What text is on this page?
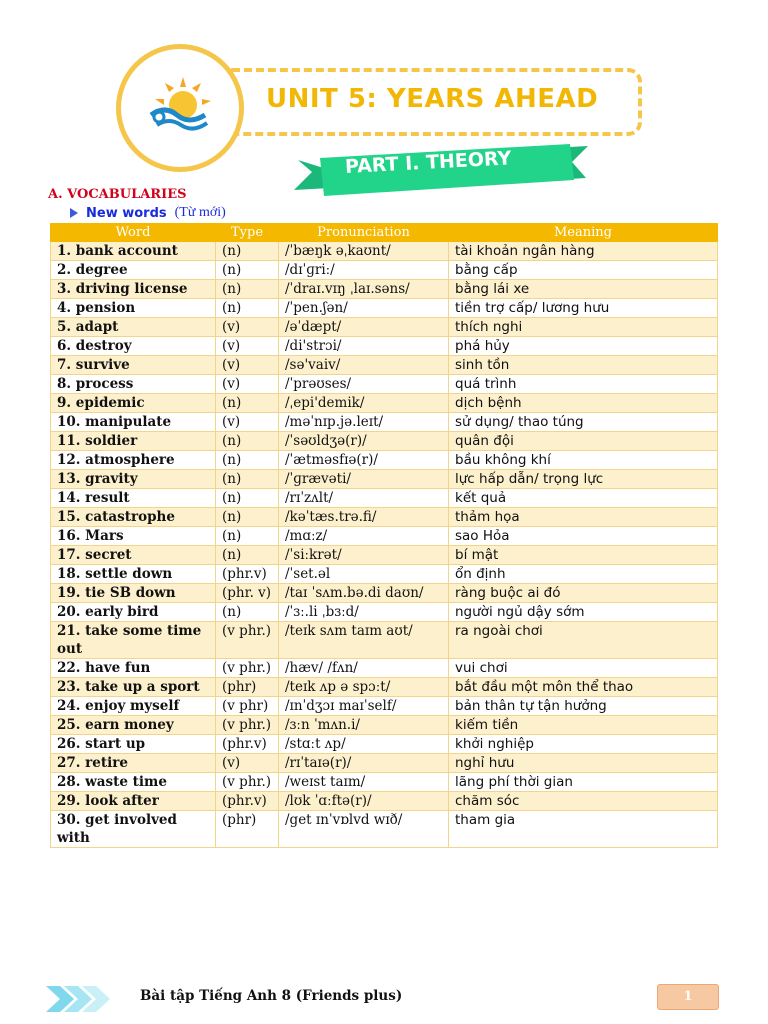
UNIT 5: YEARS AHEAD
PART I. THEORY
A. VOCABULARIES
New words (Từ mới)
Word	Type	Pronunciation	Meaning
1. bank account	(n)	/ˈbæŋk əˌkaʊnt/	tài khoản ngân hàng
2. degree	(n)	/dɪˈɡriː/	bằng cấp
3. driving license	(n)	/ˈdraɪ.vɪŋ ˌlaɪ.səns/	bằng lái xe
4. pension	(n)	/ˈpen.ʃən/	tiền trợ cấp/ lương hưu
5. adapt	(v)	/əˈdæpt/	thích nghi
6. destroy	(v)	/di'strɔi/	phá hủy
7. survive	(v)	/sə'vaiv/	sinh tồn
8. process	(v)	/ˈprəʊses/	quá trình
9. epidemic	(n)	/ˌepi'demik/	dịch bệnh
10. manipulate	(v)	/məˈnɪp.jə.leɪt/	sử dụng/ thao túng
11. soldier	(n)	/ˈsəʊldʒə(r)/	quân đội
12. atmosphere	(n)	/ˈætməsfɪə(r)/	bầu không khí
13. gravity	(n)	/ˈɡrævəti/	lực hấp dẫn/ trọng lực
14. result	(n)	/rɪˈzʌlt/	kết quả
15. catastrophe	(n)	/kəˈtæs.trə.fi/	thảm họa
16. Mars	(n)	/mɑːz/	sao Hỏa
17. secret	(n)	/ˈsiːkrət/	bí mật
18. settle down	(phr.v)	/ˈset.əl	ổn định
19. tie SB down	(phr. v)	/taɪ ˈsʌm.bə.di daʊn/	ràng buộc ai đó
20. early bird	(n)	/ˈɜː.li ˌbɜːd/	người ngủ dậy sớm
21. take some time out	(v phr.)	/teɪk sʌm taɪm aʊt/	ra ngoài chơi
22. have fun	(v phr.)	/hæv/ /fʌn/	vui chơi
23. take up a sport	(phr)	/teɪk ʌp ə spɔːt/	bắt đầu một môn thể thao
24. enjoy myself	(v phr)	/ɪnˈdʒɔɪ maɪˈself/	bản thân tự tận hưởng
25. earn money	(v phr.)	/ɜːn ˈmʌn.i/	kiếm tiền
26. start up	(phr.v)	/stɑːt ʌp/	khởi nghiệp
27. retire	(v)	/rɪˈtaɪə(r)/	nghỉ hưu
28. waste time	(v phr.)	/weɪst taɪm/	lãng phí thời gian
29. look after	(phr.v)	/lʊk ˈɑːftə(r)/	chăm sóc
30. get involved with	(phr)	/get ɪnˈvɒlvd wɪð/	tham gia
Bài tập Tiếng Anh 8 (Friends plus)	1
